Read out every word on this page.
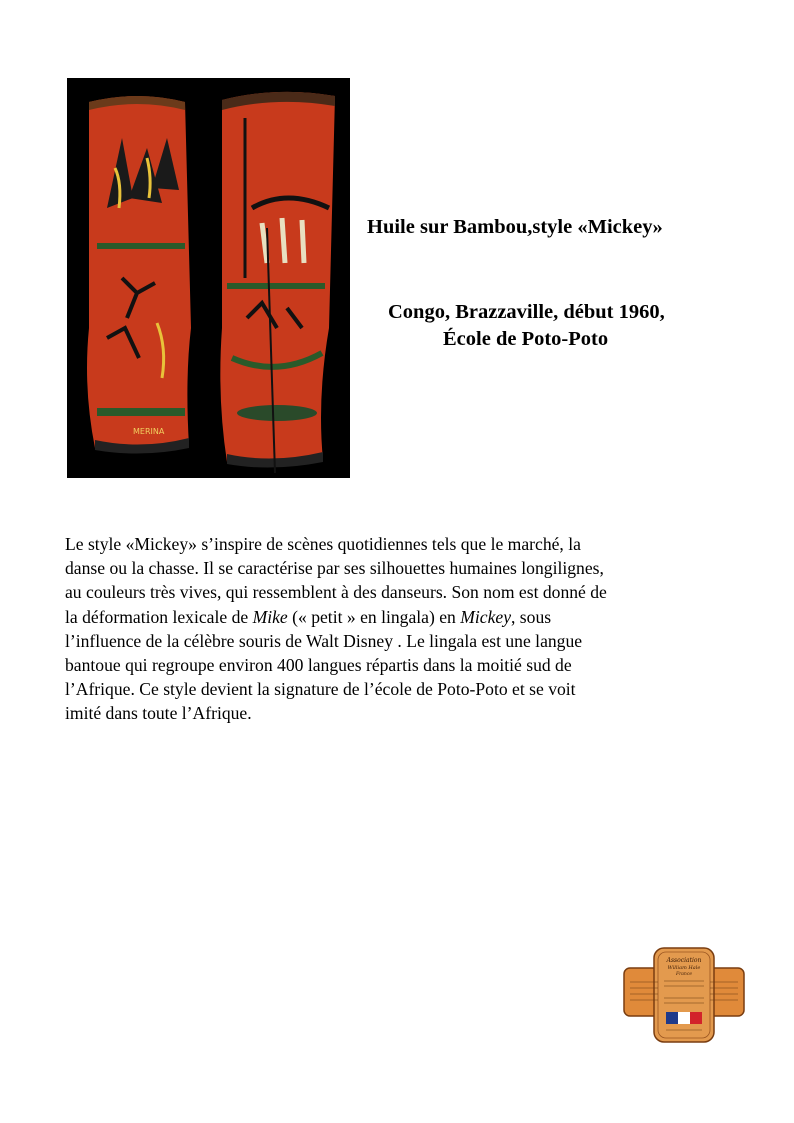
MERINA
Huile sur Bambou,style «Mickey»

Congo, Brazzaville, début 1960,
École de Poto-Poto

Le style «Mickey» s’inspire de scènes quotidiennes tels que le marché, la
danse ou la chasse. Il se caractérise par ses silhouettes humaines longilignes,
au couleurs très vives, qui ressemblent à des danseurs. Son nom est donné de
la déformation lexicale de Mike (« petit » en lingala) en Mickey, sous
l’influence de la célèbre souris de Walt Disney . Le lingala est une langue
bantoue qui regroupe environ 400 langues répartis dans la moitié sud de
l’Afrique. Ce style devient la signature de l’école de Poto-Poto et se voit
imité dans toute l’Afrique.

Association
William Hale
France
